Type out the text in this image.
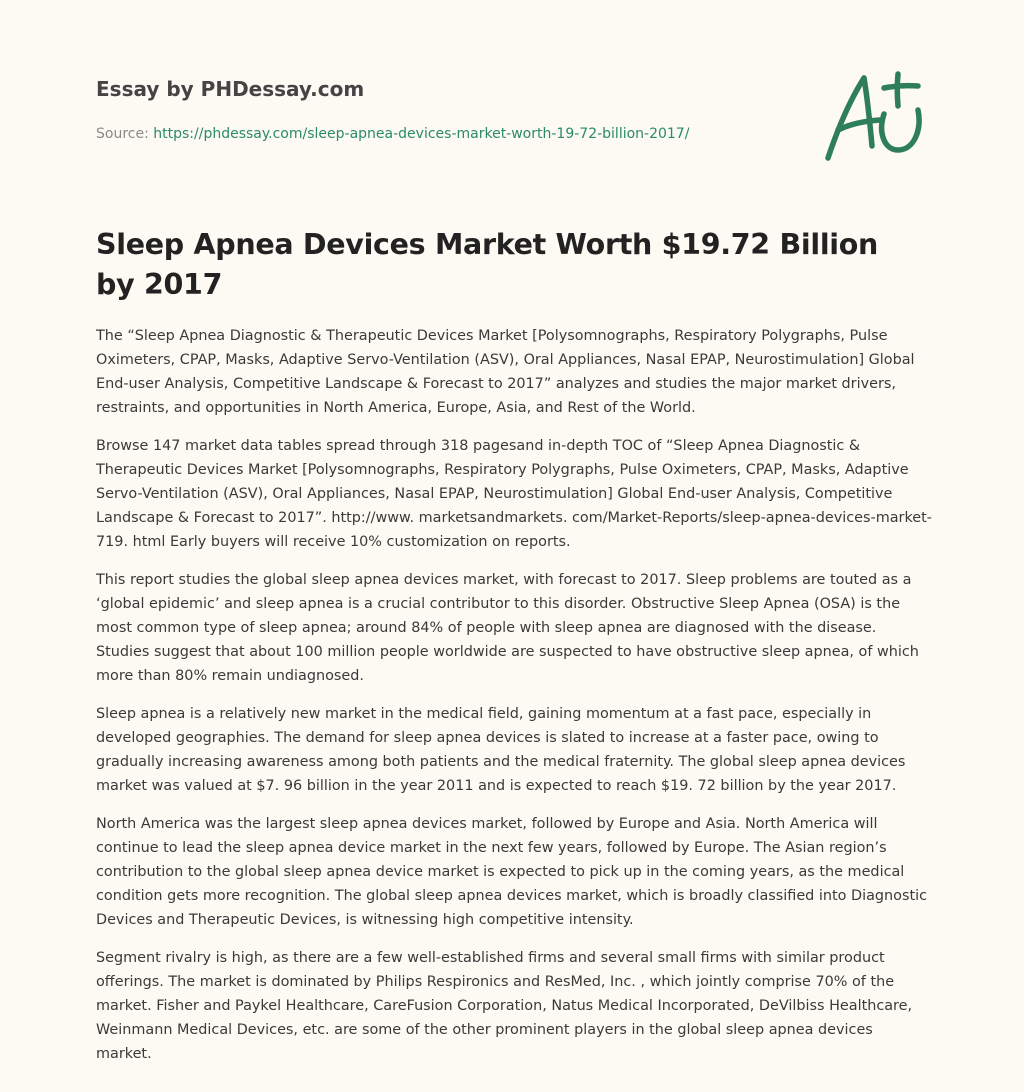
Essay by PHDessay.com
Source: https://phdessay.com/sleep-apnea-devices-market-worth-19-72-billion-2017/
Sleep Apnea Devices Market Worth $19.72 Billion by 2017

The “Sleep Apnea Diagnostic & Therapeutic Devices Market [Polysomnographs, Respiratory Polygraphs, Pulse Oximeters, CPAP, Masks, Adaptive Servo-Ventilation (ASV), Oral Appliances, Nasal EPAP, Neurostimulation] Global End-user Analysis, Competitive Landscape & Forecast to 2017” analyzes and studies the major market drivers, restraints, and opportunities in North America, Europe, Asia, and Rest of the World.

Browse 147 market data tables spread through 318 pagesand in-depth TOC of “Sleep Apnea Diagnostic & Therapeutic Devices Market [Polysomnographs, Respiratory Polygraphs, Pulse Oximeters, CPAP, Masks, Adaptive Servo-Ventilation (ASV), Oral Appliances, Nasal EPAP, Neurostimulation] Global End-user Analysis, Competitive Landscape & Forecast to 2017”. http://www. marketsandmarkets. com/Market-Reports/sleep-apnea-devices-market-719. html Early buyers will receive 10% customization on reports.

This report studies the global sleep apnea devices market, with forecast to 2017. Sleep problems are touted as a ‘global epidemic’ and sleep apnea is a crucial contributor to this disorder. Obstructive Sleep Apnea (OSA) is the most common type of sleep apnea; around 84% of people with sleep apnea are diagnosed with the disease. Studies suggest that about 100 million people worldwide are suspected to have obstructive sleep apnea, of which more than 80% remain undiagnosed.

Sleep apnea is a relatively new market in the medical field, gaining momentum at a fast pace, especially in developed geographies. The demand for sleep apnea devices is slated to increase at a faster pace, owing to gradually increasing awareness among both patients and the medical fraternity. The global sleep apnea devices market was valued at $7. 96 billion in the year 2011 and is expected to reach $19. 72 billion by the year 2017.

North America was the largest sleep apnea devices market, followed by Europe and Asia. North America will continue to lead the sleep apnea device market in the next few years, followed by Europe. The Asian region’s contribution to the global sleep apnea device market is expected to pick up in the coming years, as the medical condition gets more recognition. The global sleep apnea devices market, which is broadly classified into Diagnostic Devices and Therapeutic Devices, is witnessing high competitive intensity.

Segment rivalry is high, as there are a few well-established firms and several small firms with similar product offerings. The market is dominated by Philips Respironics and ResMed, Inc. , which jointly comprise 70% of the market. Fisher and Paykel Healthcare, CareFusion Corporation, Natus Medical Incorporated, DeVilbiss Healthcare, Weinmann Medical Devices, etc. are some of the other prominent players in the global sleep apnea devices market.
